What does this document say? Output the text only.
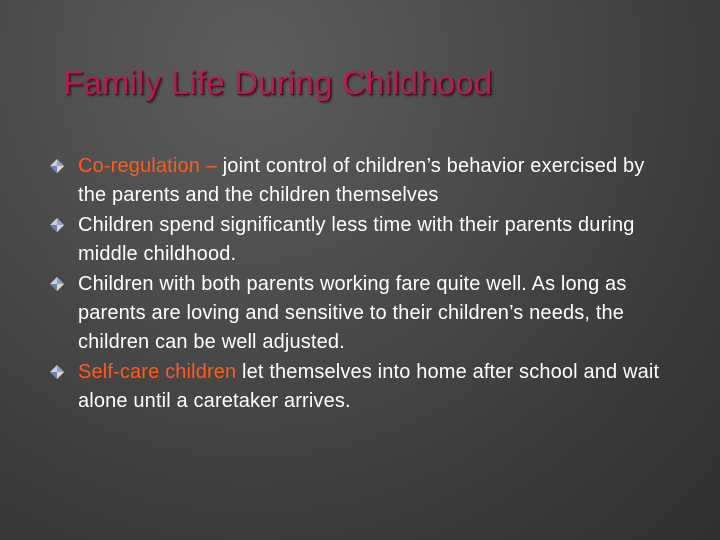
Family Life During Childhood
Co-regulation – joint control of children’s behavior exercised by the parents and the children themselves
Children spend significantly less time with their parents during middle childhood.
Children with both parents working fare quite well. As long as parents are loving and sensitive to their children’s needs, the children can be well adjusted.
Self-care children let themselves into home after school and wait alone until a caretaker arrives.
